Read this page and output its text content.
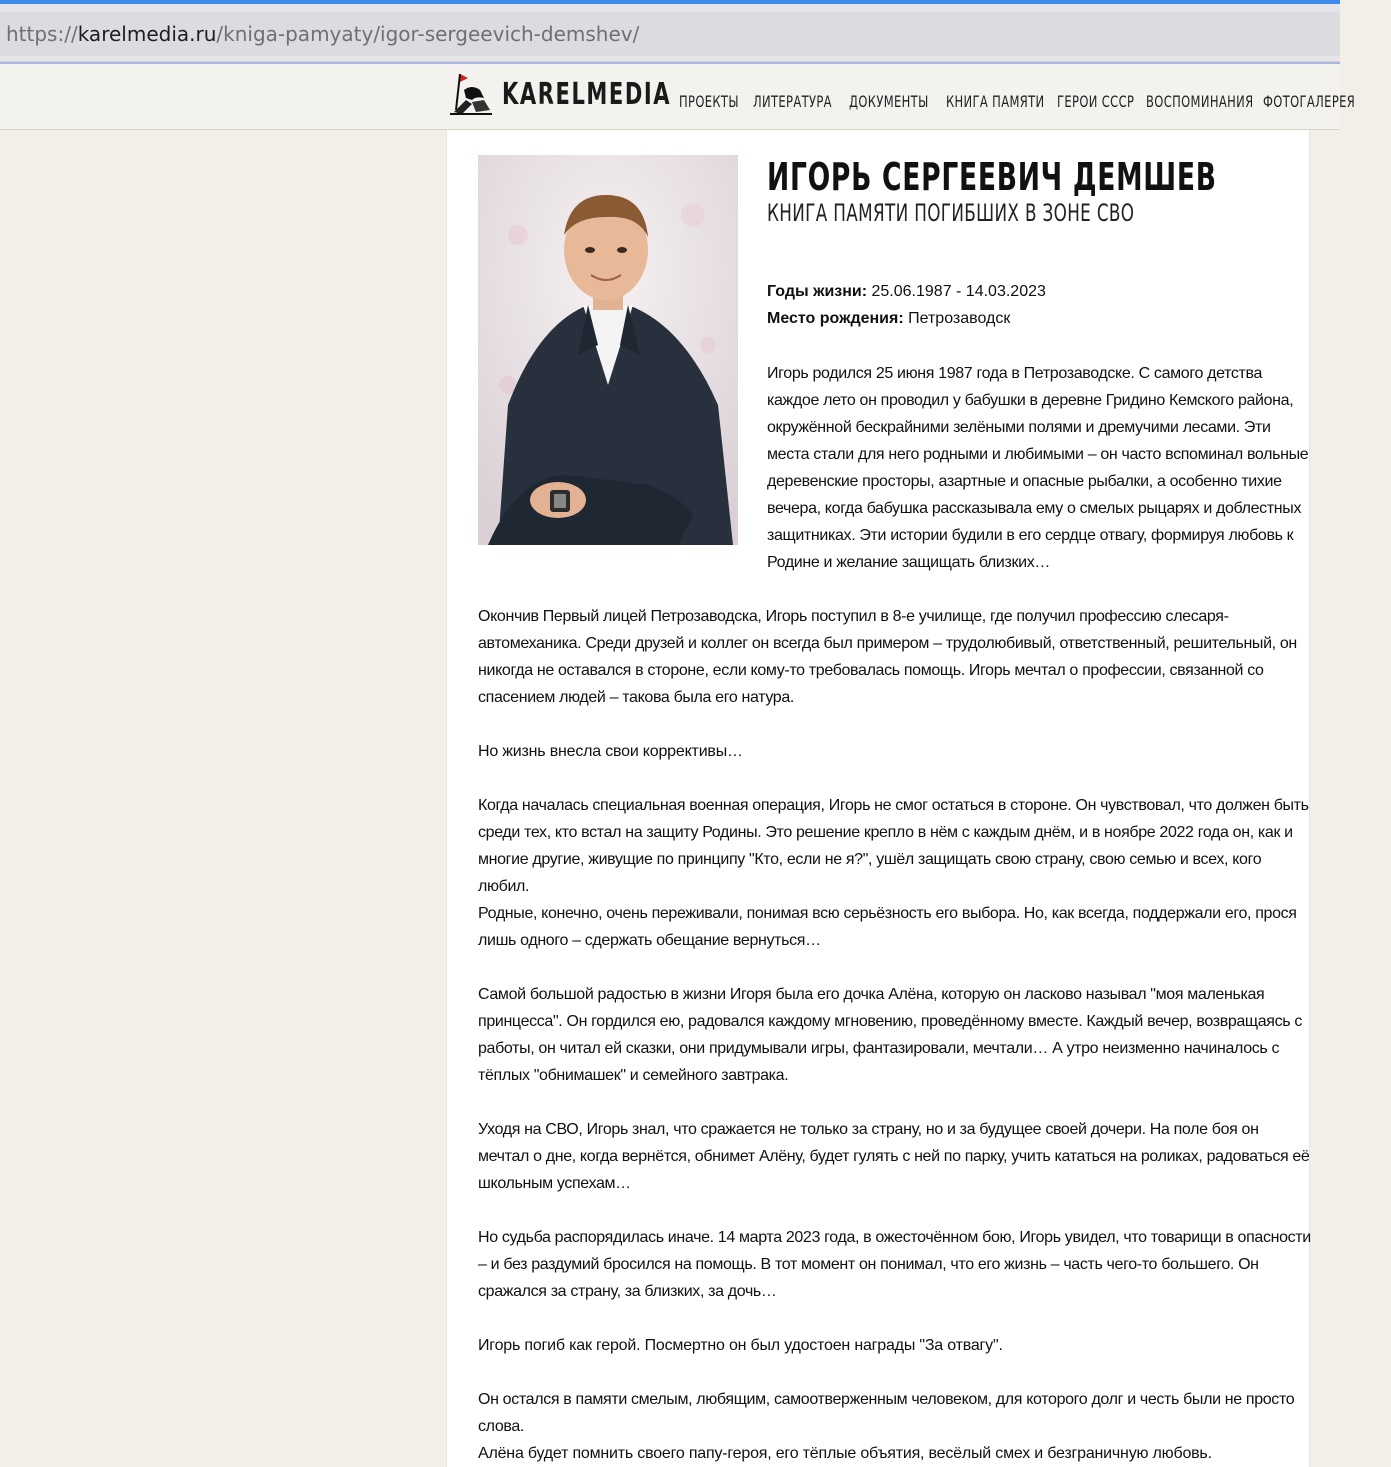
https://karelmedia.ru/kniga-pamyaty/igor-sergeevich-demshev/
KARELMEDIA ПРОЕКТЫ ЛИТЕРАТУРА ДОКУМЕНТЫ КНИГА ПАМЯТИ ГЕРОИ СССР ВОСПОМИНАНИЯ ФОТОГАЛЕРЕЯ
ИГОРЬ СЕРГЕЕВИЧ ДЕМШЕВ
КНИГА ПАМЯТИ ПОГИБШИХ В ЗОНЕ СВО
Годы жизни: 25.06.1987 - 14.03.2023
Место рождения: Петрозаводск

Игорь родился 25 июня 1987 года в Петрозаводске. С самого детства каждое лето он проводил у бабушки в деревне Гридино Кемского района, окружённой бескрайними зелёными полями и дремучими лесами. Эти места стали для него родными и любимыми – он часто вспоминал вольные деревенские просторы, азартные и опасные рыбалки, а особенно тихие вечера, когда бабушка рассказывала ему о смелых рыцарях и доблестных защитниках. Эти истории будили в его сердце отвагу, формируя любовь к Родине и желание защищать близких…

Окончив Первый лицей Петрозаводска, Игорь поступил в 8-е училище, где получил профессию слесаря-автомеханика. Среди друзей и коллег он всегда был примером – трудолюбивый, ответственный, решительный, он никогда не оставался в стороне, если кому-то требовалась помощь. Игорь мечтал о профессии, связанной со спасением людей – такова была его натура.

Но жизнь внесла свои коррективы…

Когда началась специальная военная операция, Игорь не смог остаться в стороне. Он чувствовал, что должен быть среди тех, кто встал на защиту Родины. Это решение крепло в нём с каждым днём, и в ноябре 2022 года он, как и многие другие, живущие по принципу "Кто, если не я?", ушёл защищать свою страну, свою семью и всех, кого любил.

Родные, конечно, очень переживали, понимая всю серьёзность его выбора. Но, как всегда, поддержали его, прося лишь одного – сдержать обещание вернуться…

Самой большой радостью в жизни Игоря была его дочка Алёна, которую он ласково называл "моя маленькая принцесса". Он гордился ею, радовался каждому мгновению, проведённому вместе. Каждый вечер, возвращаясь с работы, он читал ей сказки, они придумывали игры, фантазировали, мечтали… А утро неизменно начиналось с тёплых "обнимашек" и семейного завтрака.

Уходя на СВО, Игорь знал, что сражается не только за страну, но и за будущее своей дочери. На поле боя он мечтал о дне, когда вернётся, обнимет Алёну, будет гулять с ней по парку, учить кататься на роликах, радоваться её школьным успехам…

Но судьба распорядилась иначе. 14 марта 2023 года, в ожесточённом бою, Игорь увидел, что товарищи в опасности – и без раздумий бросился на помощь. В тот момент он понимал, что его жизнь – часть чего-то большего. Он сражался за страну, за близких, за дочь…

Игорь погиб как герой. Посмертно он был удостоен награды "За отвагу".

Он остался в памяти смелым, любящим, самоотверженным человеком, для которого долг и честь были не просто слова.

Алёна будет помнить своего папу-героя, его тёплые объятия, весёлый смех и безграничную любовь.
